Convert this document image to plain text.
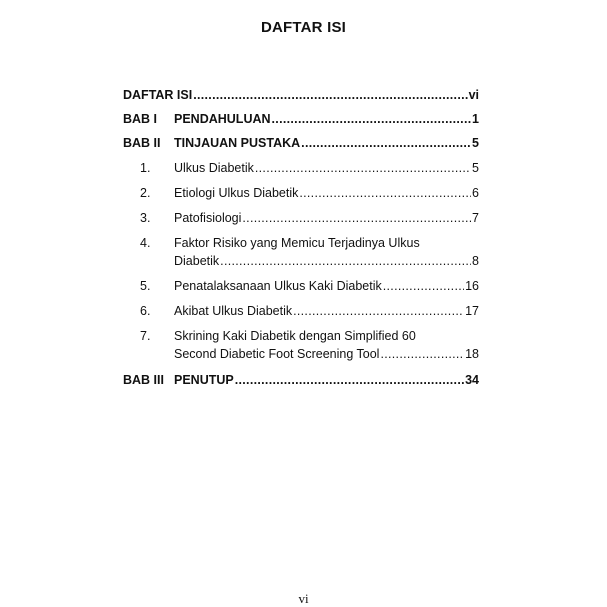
DAFTAR ISI
DAFTAR ISI .....	vi
BAB I PENDAHULUAN .....	1
BAB II TINJAUAN PUSTAKA .....	5
1.	Ulkus Diabetik .....	5
2.	Etiologi Ulkus Diabetik .....	6
3.	Patofisiologi .....	7
4.	Faktor Risiko yang Memicu Terjadinya Ulkus
Diabetik .....	8
5.	Penatalaksanaan Ulkus Kaki Diabetik .....	16
6.	Akibat Ulkus Diabetik .....	17
7.	Skrining Kaki Diabetik dengan Simplified 60
Second Diabetic Foot Screening Tool .....	18
BAB III PENUTUP .....	34
vi
